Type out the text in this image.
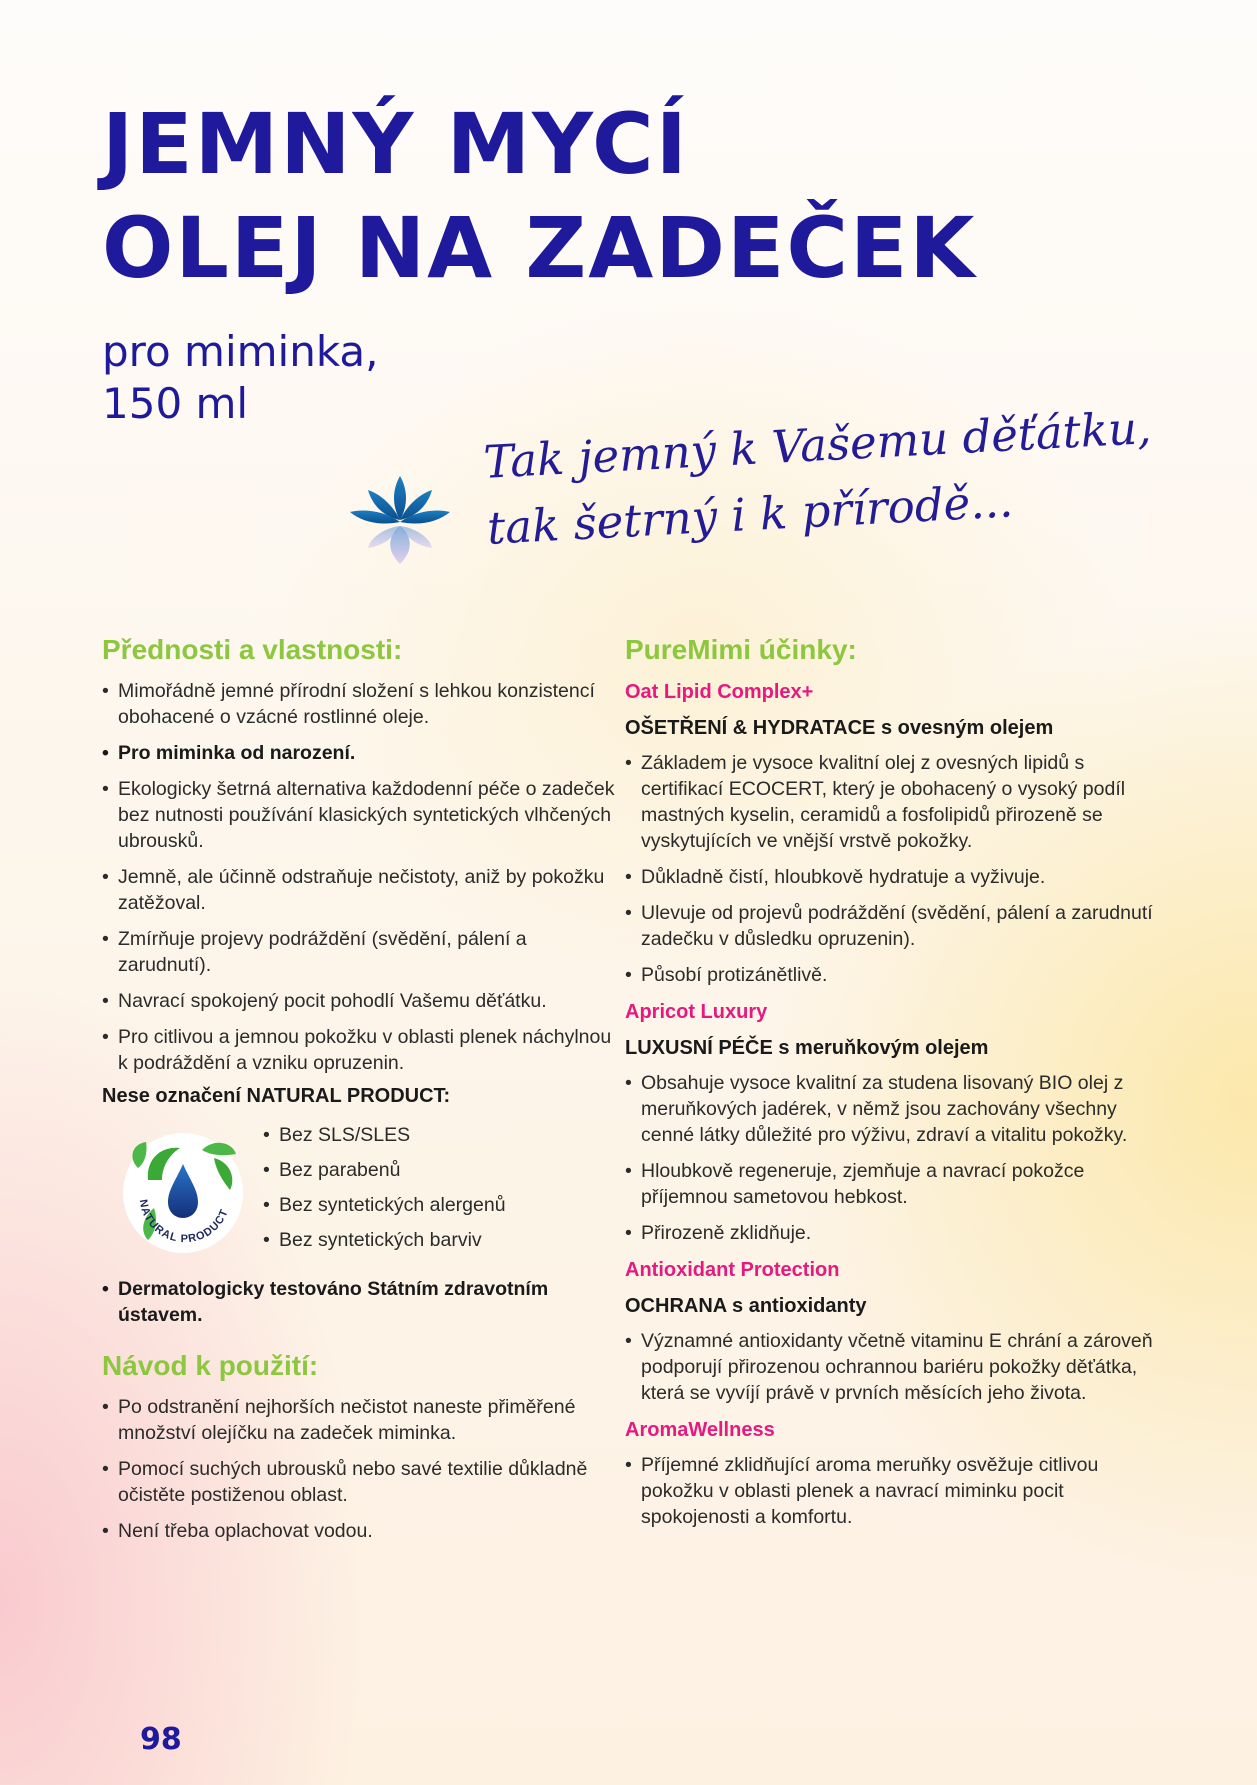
JEMNÝ MYCÍ
OLEJ NA ZADEČEK
pro miminka,
150 ml	Tak jemný k Vašemu děťátku,
tak šetrný i k přírodě...
Přednosti a vlastnosti:
• Mimořádně jemné přírodní složení s lehkou konzistencí obohacené o vzácné rostlinné oleje.
• Pro miminka od narození.
• Ekologicky šetrná alternativa každodenní péče o zadeček bez nutnosti používání klasických syntetických vlhčených ubrousků.
• Jemně, ale účinně odstraňuje nečistoty, aniž by pokožku zatěžoval.
• Zmírňuje projevy podráždění (svědění, pálení a zarudnutí).
• Navrací spokojený pocit pohodlí Vašemu děťátku.
• Pro citlivou a jemnou pokožku v oblasti plenek náchylnou k podráždění a vzniku opruzenin.
Nese označení NATURAL PRODUCT:
NATURAL PRODUCT
• Bez SLS/SLES
• Bez parabenů
• Bez syntetických alergenů
• Bez syntetických barviv
• Dermatologicky testováno Státním zdravotním ústavem.
Návod k použití:
• Po odstranění nejhorších nečistot naneste přiměřené množství olejíčku na zadeček miminka.
• Pomocí suchých ubrousků nebo savé textilie důkladně očistěte postiženou oblast.
• Není třeba oplachovat vodou.
PureMimi účinky:
Oat Lipid Complex+
OŠETŘENÍ & HYDRATACE s ovesným olejem
• Základem je vysoce kvalitní olej z ovesných lipidů s certifikací ECOCERT, který je obohacený o vysoký podíl mastných kyselin, ceramidů a fosfolipidů přirozeně se vyskytujících ve vnější vrstvě pokožky.
• Důkladně čistí, hloubkově hydratuje a vyživuje.
• Ulevuje od projevů podráždění (svědění, pálení a zarudnutí zadečku v důsledku opruzenin).
• Působí protizánětlivě.
Apricot Luxury
LUXUSNÍ PÉČE s meruňkovým olejem
• Obsahuje vysoce kvalitní za studena lisovaný BIO olej z meruňkových jadérek, v němž jsou zachovány všechny cenné látky důležité pro výživu, zdraví a vitalitu pokožky.
• Hloubkově regeneruje, zjemňuje a navrací pokožce příjemnou sametovou hebkost.
• Přirozeně zklidňuje.
Antioxidant Protection
OCHRANA s antioxidanty
• Významné antioxidanty včetně vitaminu E chrání a zároveň podporují přirozenou ochrannou bariéru pokožky děťátka, která se vyvíjí právě v prvních měsících jeho života.
AromaWellness
• Příjemné zklidňující aroma meruňky osvěžuje citlivou pokožku v oblasti plenek a navrací miminku pocit spokojenosti a komfortu.
98
